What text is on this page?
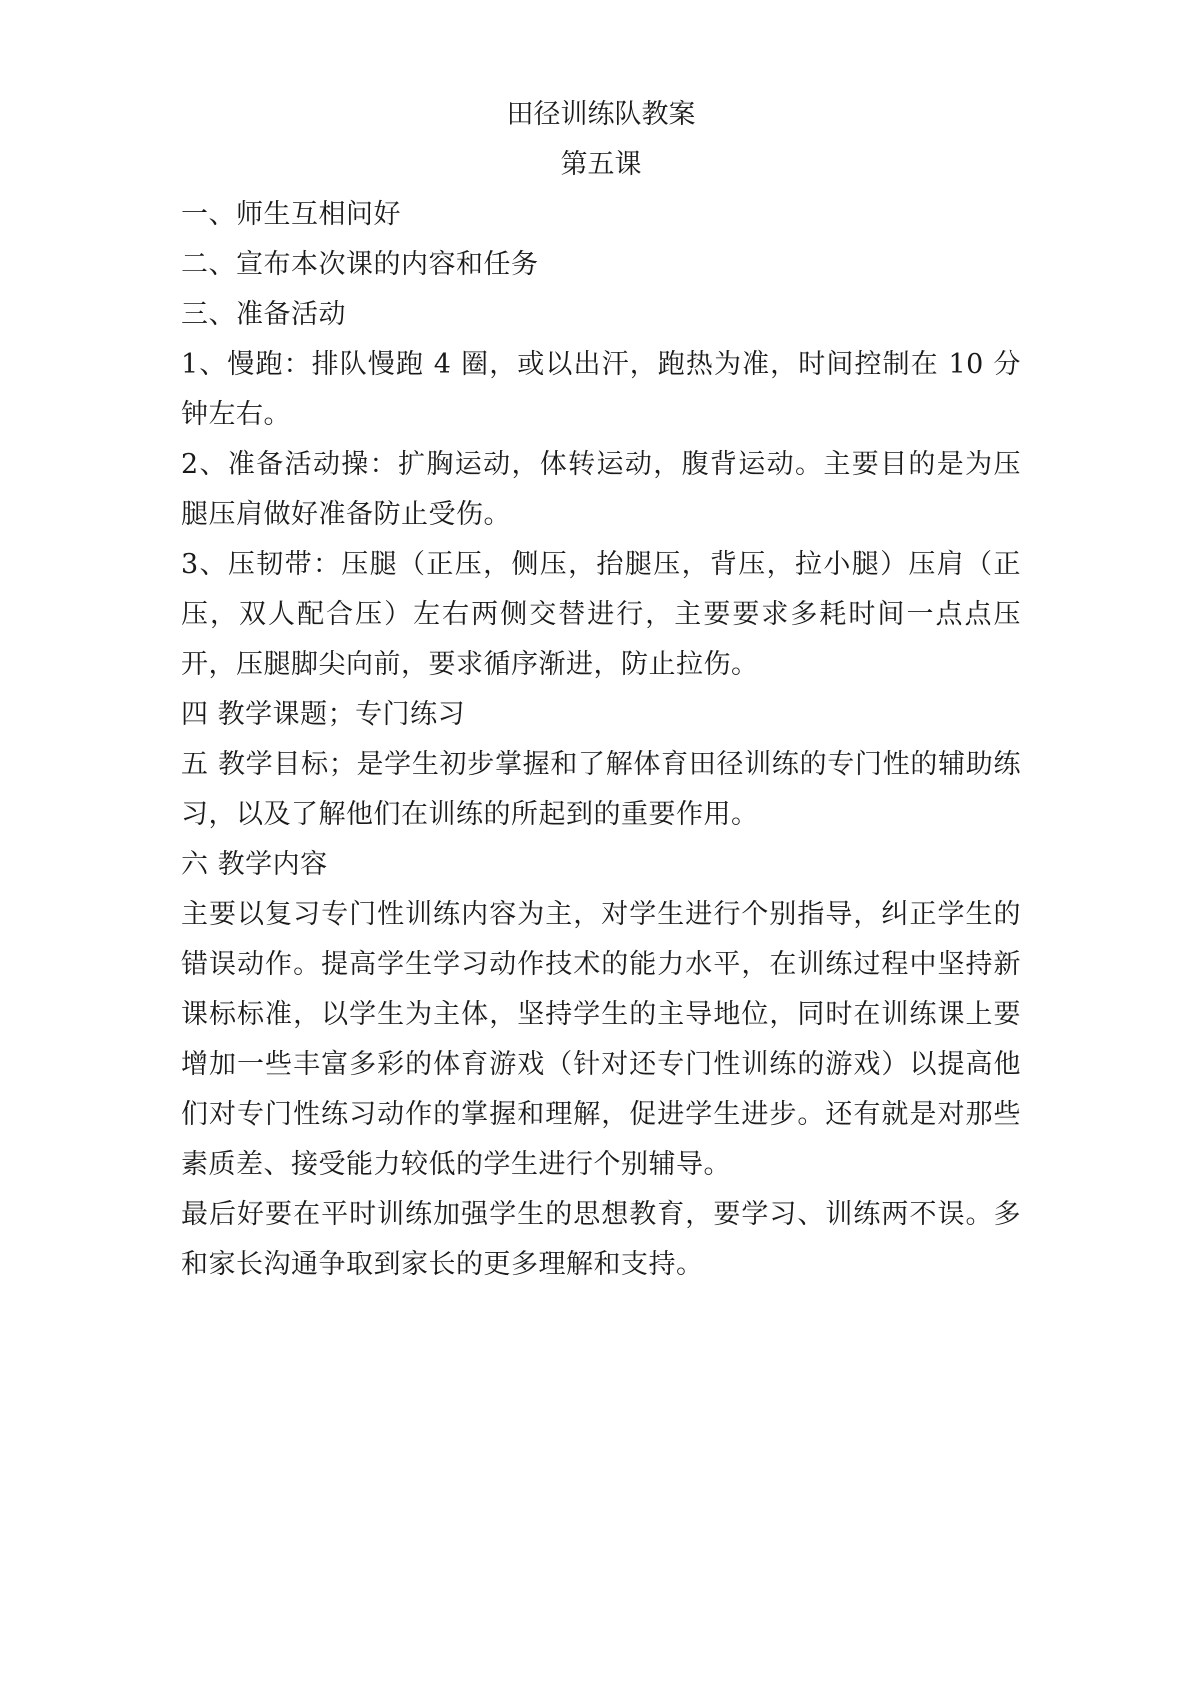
田径训练队教案
第五课

一、师生互相问好

二、宣布本次课的内容和任务

三、准备活动

1、慢跑：排队慢跑 4 圈，或以出汗，跑热为准，时间控制在 10 分钟左右。

2、准备活动操：扩胸运动，体转运动，腹背运动。主要目的是为压腿压肩做好准备防止受伤。

3、压韧带：压腿（正压，侧压，抬腿压，背压，拉小腿）压肩（正压，双人配合压）左右两侧交替进行，主要要求多耗时间一点点压开，压腿脚尖向前，要求循序渐进，防止拉伤。

四 教学课题；专门练习

五 教学目标；是学生初步掌握和了解体育田径训练的专门性的辅助练习，以及了解他们在训练的所起到的重要作用。

六 教学内容

主要以复习专门性训练内容为主，对学生进行个别指导，纠正学生的错误动作。提高学生学习动作技术的能力水平，在训练过程中坚持新课标标准，以学生为主体，坚持学生的主导地位，同时在训练课上要增加一些丰富多彩的体育游戏（针对还专门性训练的游戏）以提高他们对专门性练习动作的掌握和理解，促进学生进步。还有就是对那些素质差、接受能力较低的学生进行个别辅导。

最后好要在平时训练加强学生的思想教育，要学习、训练两不误。多和家长沟通争取到家长的更多理解和支持。
